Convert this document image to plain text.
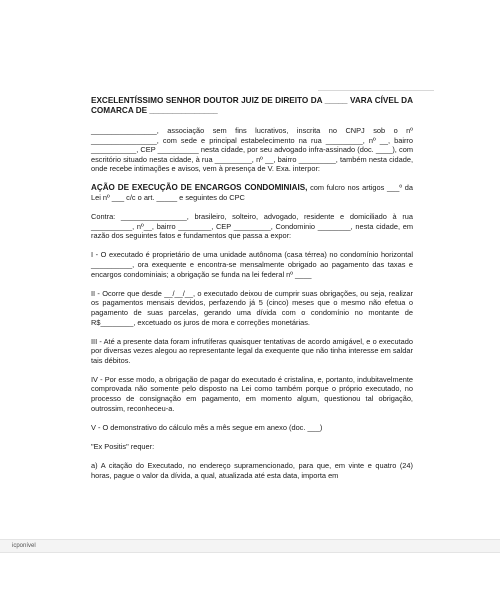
EXCELENTÍSSIMO SENHOR DOUTOR JUIZ DE DIREITO DA _____ VARA CÍVEL DA COMARCA DE _______________

________________, associação sem fins lucrativos, inscrita no CNPJ sob o nº ________________, com sede e principal estabelecimento na rua _________, nº __, bairro ___________, CEP __________ nesta cidade, por seu advogado infra-assinado (doc. ____), com escritório situado nesta cidade, à rua _________, nº __, bairro _________, também nesta cidade, onde recebe intimações e avisos, vem à presença de V. Exa. interpor:

AÇÃO DE EXECUÇÃO DE ENCARGOS CONDOMINIAIS, com fulcro nos artigos ___º da Lei nº ___ c/c o art. _____ e seguintes do CPC

Contra: ________________, brasileiro, solteiro, advogado, residente e domiciliado à rua __________, nº__, bairro ________, CEP _________, Condominio ________, nesta cidade, em razão dos seguintes fatos e fundamentos que passa a expor:

I - O executado é proprietário de uma unidade autônoma (casa térrea) no condomínio horizontal __________, ora exequente e encontra-se mensalmente obrigado ao pagamento das taxas e encargos condominiais; a obrigação se funda na lei federal nº ____

II - Ocorre que desde __/__/__, o executado deixou de cumprir suas obrigações, ou seja, realizar os pagamentos mensais devidos, perfazendo já 5 (cinco) meses que o mesmo não efetua o pagamento de suas parcelas, gerando uma dívida com o condomínio no montante de R$________, excetuado os juros de mora e correções monetárias.

III - Até a presente data foram infrutíferas quaisquer tentativas de acordo amigável, e o executado por diversas vezes alegou ao representante legal da exequente que não tinha interesse em saldar tais débitos.

IV - Por esse modo, a obrigação de pagar do executado é cristalina, e, portanto, indubitavelmente comprovada não somente pelo disposto na Lei como também porque o próprio executado, no processo de consignação em pagamento, em momento algum, questionou tal obrigação, outrossim, reconheceu-a.

V - O demonstrativo do cálculo mês a mês segue em anexo (doc. ___)

"Ex Positis" requer:

a) A citação do Executado, no endereço supramencionado, para que, em vinte e quatro (24) horas, pague o valor da dívida, a qual, atualizada até esta data, importa em

icponível
